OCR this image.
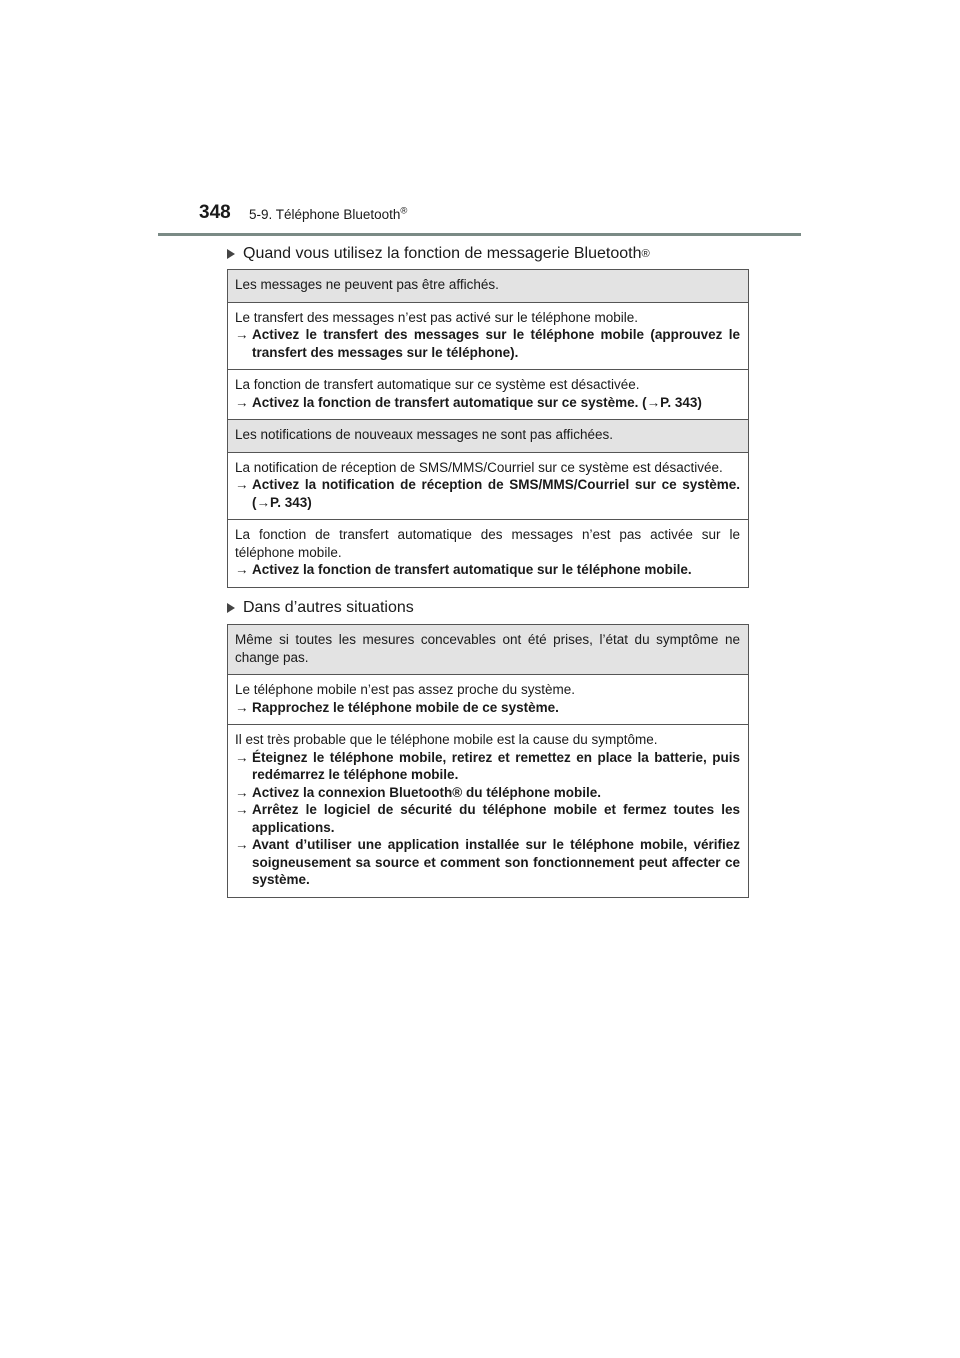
348 5-9. Téléphone Bluetooth®
Quand vous utilisez la fonction de messagerie Bluetooth ®
Les messages ne peuvent pas être affichés.
Le transfert des messages n’est pas activé sur le téléphone mobile.
→ Activez le transfert des messages sur le téléphone mobile (approuvez le transfert des messages sur le téléphone).
La fonction de transfert automatique sur ce système est désactivée.
→ Activez la fonction de transfert automatique sur ce système. (→P. 343)
Les notifications de nouveaux messages ne sont pas affichées.
La notification de réception de SMS/MMS/Courriel sur ce système est désactivée.
→ Activez la notification de réception de SMS/MMS/Courriel sur ce système. (→P. 343)
La fonction de transfert automatique des messages n’est pas activée sur le téléphone mobile.
→ Activez la fonction de transfert automatique sur le téléphone mobile.
Dans d’autres situations
Même si toutes les mesures concevables ont été prises, l’état du symptôme ne change pas.
Le téléphone mobile n’est pas assez proche du système.
→ Rapprochez le téléphone mobile de ce système.
Il est très probable que le téléphone mobile est la cause du symptôme.
→ Éteignez le téléphone mobile, retirez et remettez en place la batterie, puis redémarrez le téléphone mobile.
→ Activez la connexion Bluetooth® du téléphone mobile.
→ Arrêtez le logiciel de sécurité du téléphone mobile et fermez toutes les applications.
→ Avant d’utiliser une application installée sur le téléphone mobile, vérifiez soigneusement sa source et comment son fonctionnement peut affecter ce système.
